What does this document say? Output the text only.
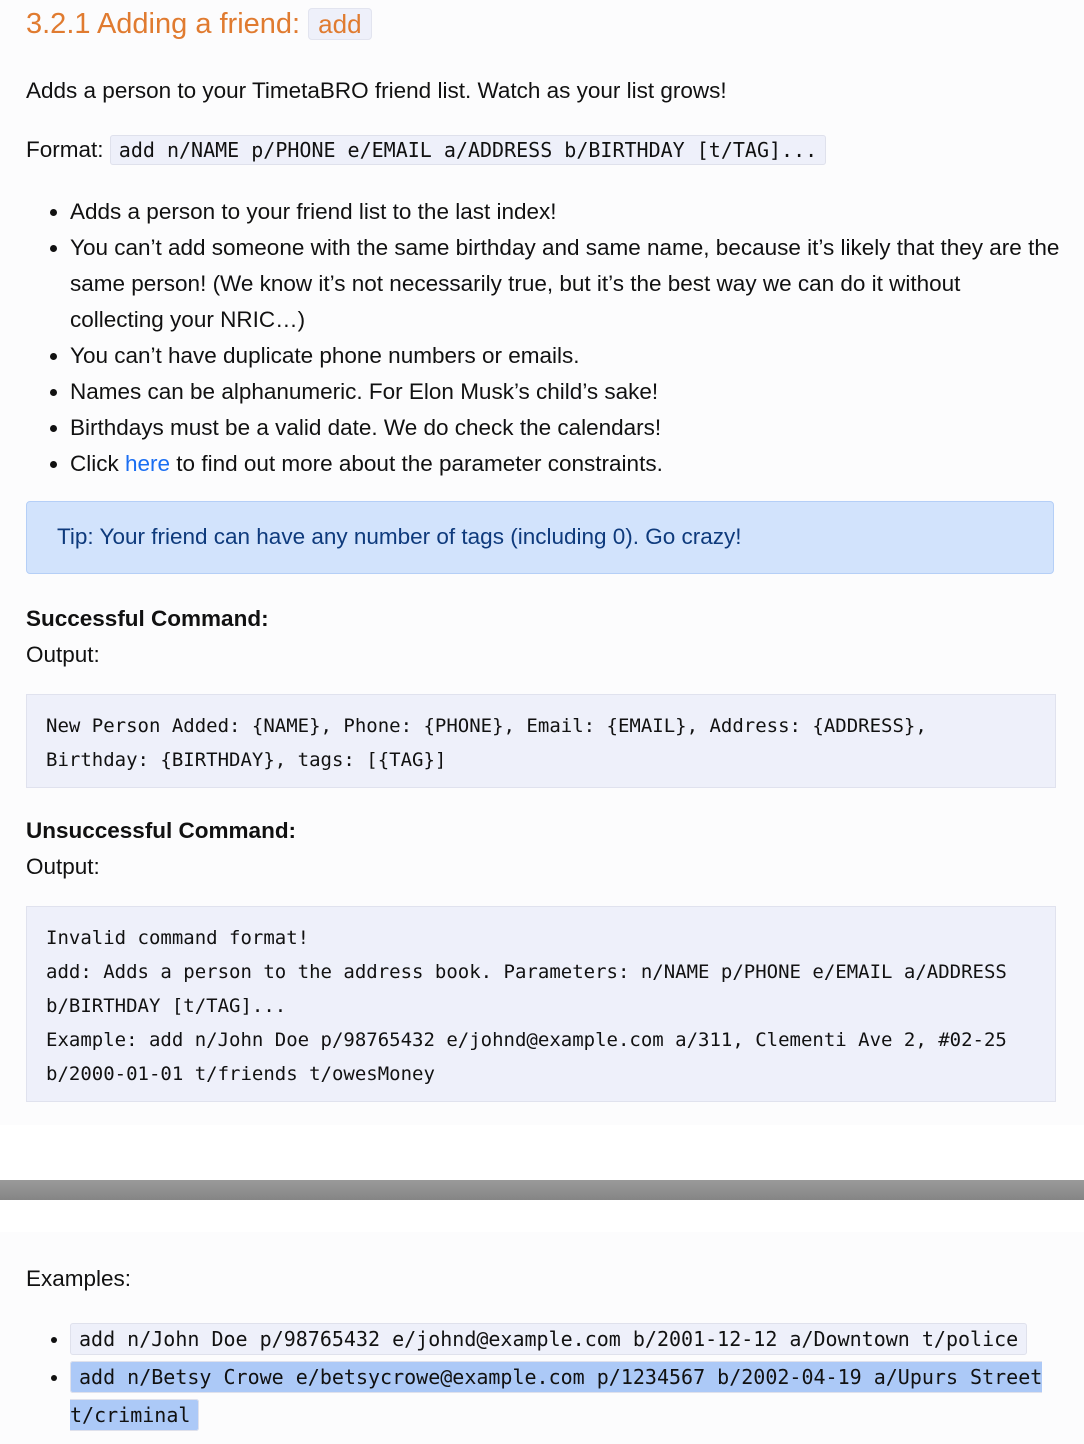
3.2.1 Adding a friend: add

Adds a person to your TimetaBRO friend list. Watch as your list grows!

Format: add n/NAME p/PHONE e/EMAIL a/ADDRESS b/BIRTHDAY [t/TAG]...

• Adds a person to your friend list to the last index!
• You can’t add someone with the same birthday and same name, because it’s likely that they are the same person! (We know it’s not necessarily true, but it’s the best way we can do it without collecting your NRIC…)
• You can’t have duplicate phone numbers or emails.
• Names can be alphanumeric. For Elon Musk’s child’s sake!
• Birthdays must be a valid date. We do check the calendars!
• Click here to find out more about the parameter constraints.
Tip: Your friend can have any number of tags (including 0). Go crazy!

Successful Command:

Output:

New Person Added: {NAME}, Phone: {PHONE}, Email: {EMAIL}, Address: {ADDRESS},
Birthday: {BIRTHDAY}, tags: [{TAG}]

Unsuccessful Command:

Output:

Invalid command format!
add: Adds a person to the address book. Parameters: n/NAME p/PHONE e/EMAIL a/ADDRESS
b/BIRTHDAY [t/TAG]...
Example: add n/John Doe p/98765432 e/johnd@example.com a/311, Clementi Ave 2, #02-25
b/2000-01-01 t/friends t/owesMoney

Examples:

• add n/John Doe p/98765432 e/johnd@example.com b/2001-12-12 a/Downtown t/police
• add n/Betsy Crowe e/betsycrowe@example.com p/1234567 b/2002-04-19 a/Upurs Street t/criminal
